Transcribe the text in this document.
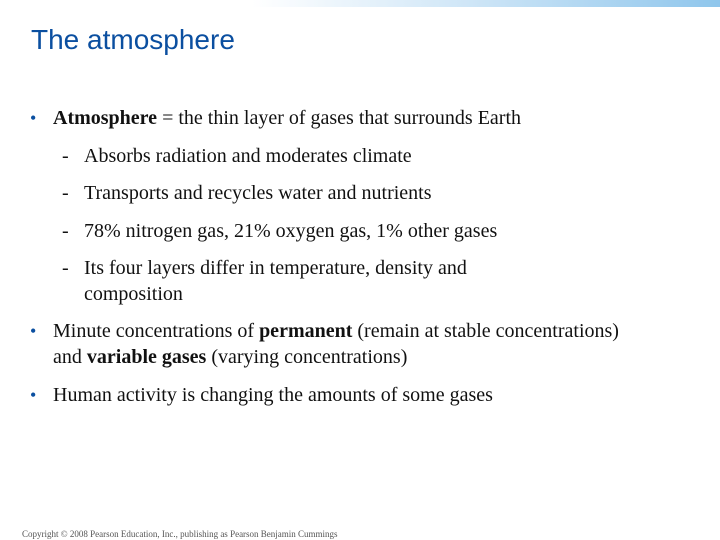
The atmosphere
• Atmosphere = the thin layer of gases that surrounds Earth
- Absorbs radiation and moderates climate
- Transports and recycles water and nutrients
- 78% nitrogen gas, 21% oxygen gas, 1% other gases
- Its four layers differ in temperature, density and composition
• Minute concentrations of permanent (remain at stable concentrations) and variable gases (varying concentrations)
• Human activity is changing the amounts of some gases
Copyright © 2008 Pearson Education, Inc., publishing as Pearson Benjamin Cummings
